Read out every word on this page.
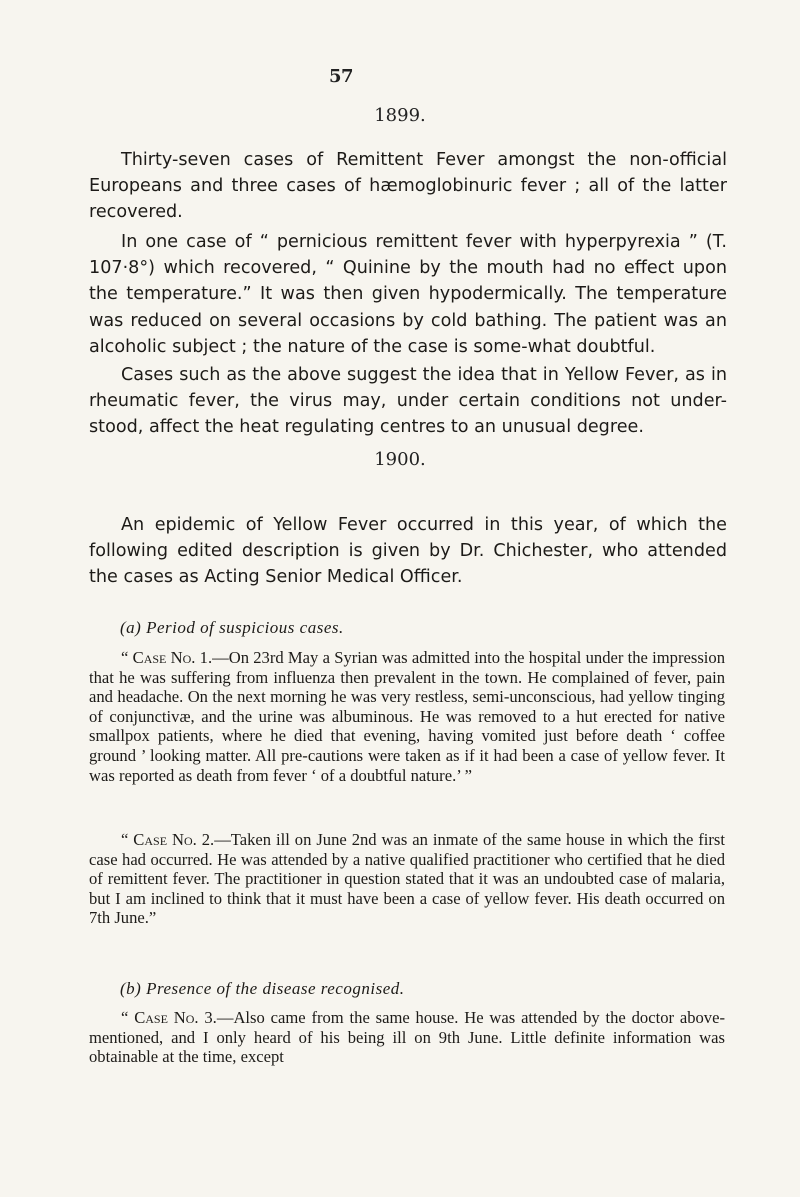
57
1899.

Thirty-seven cases of Remittent Fever amongst the non-official Europeans and three cases of hæmoglobinuric fever ; all of the latter recovered.

In one case of “ pernicious remittent fever with hyperpyrexia ” (T. 107·8°) which recovered, “ Quinine by the mouth had no effect upon the temperature.” It was then given hypodermically. The temperature was reduced on several occasions by cold bathing. The patient was an alcoholic subject ; the nature of the case is some-what doubtful.

Cases such as the above suggest the idea that in Yellow Fever, as in rheumatic fever, the virus may, under certain conditions not under-stood, affect the heat regulating centres to an unusual degree.

1900.

An epidemic of Yellow Fever occurred in this year, of which the following edited description is given by Dr. Chichester, who attended the cases as Acting Senior Medical Officer.

(a) Period of suspicious cases.

“ Case No. 1.—On 23rd May a Syrian was admitted into the hospital under the impression that he was suffering from influenza then prevalent in the town. He complained of fever, pain and headache. On the next morning he was very restless, semi-unconscious, had yellow tinging of conjunctivæ, and the urine was albuminous. He was removed to a hut erected for native smallpox patients, where he died that evening, having vomited just before death ‘ coffee ground ’ looking matter. All pre-cautions were taken as if it had been a case of yellow fever. It was reported as death from fever ‘ of a doubtful nature.’ ”

“ Case No. 2.—Taken ill on June 2nd was an inmate of the same house in which the first case had occurred. He was attended by a native qualified practitioner who certified that he died of remittent fever. The practitioner in question stated that it was an undoubted case of malaria, but I am inclined to think that it must have been a case of yellow fever. His death occurred on 7th June.”

(b) Presence of the disease recognised.

“ Case No. 3.—Also came from the same house. He was attended by the doctor above-mentioned, and I only heard of his being ill on 9th June. Little definite information was obtainable at the time, except
